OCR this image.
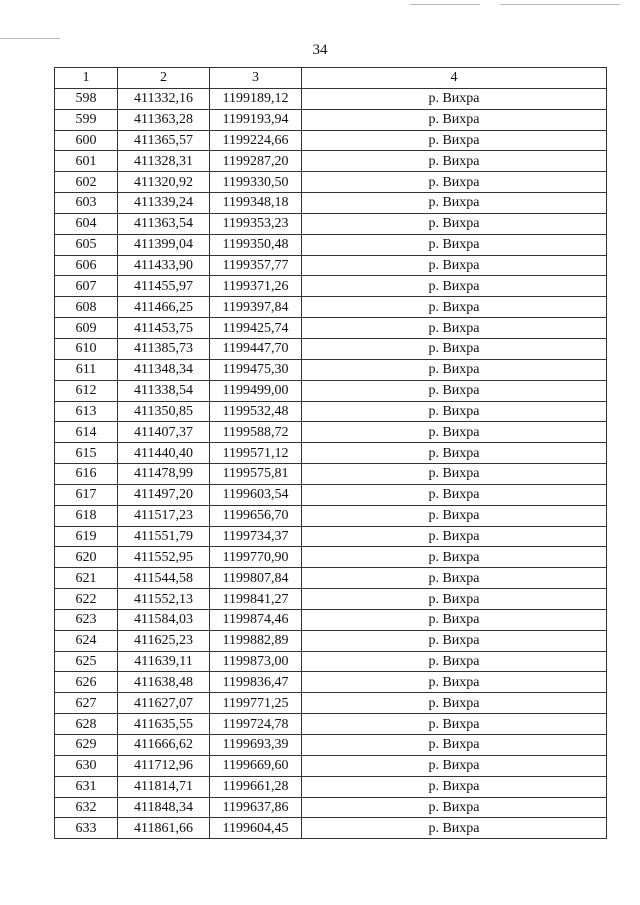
34
1	2	3	4
598	411332,16	1199189,12	р. Вихра
599	411363,28	1199193,94	р. Вихра
600	411365,57	1199224,66	р. Вихра
601	411328,31	1199287,20	р. Вихра
602	411320,92	1199330,50	р. Вихра
603	411339,24	1199348,18	р. Вихра
604	411363,54	1199353,23	р. Вихра
605	411399,04	1199350,48	р. Вихра
606	411433,90	1199357,77	р. Вихра
607	411455,97	1199371,26	р. Вихра
608	411466,25	1199397,84	р. Вихра
609	411453,75	1199425,74	р. Вихра
610	411385,73	1199447,70	р. Вихра
611	411348,34	1199475,30	р. Вихра
612	411338,54	1199499,00	р. Вихра
613	411350,85	1199532,48	р. Вихра
614	411407,37	1199588,72	р. Вихра
615	411440,40	1199571,12	р. Вихра
616	411478,99	1199575,81	р. Вихра
617	411497,20	1199603,54	р. Вихра
618	411517,23	1199656,70	р. Вихра
619	411551,79	1199734,37	р. Вихра
620	411552,95	1199770,90	р. Вихра
621	411544,58	1199807,84	р. Вихра
622	411552,13	1199841,27	р. Вихра
623	411584,03	1199874,46	р. Вихра
624	411625,23	1199882,89	р. Вихра
625	411639,11	1199873,00	р. Вихра
626	411638,48	1199836,47	р. Вихра
627	411627,07	1199771,25	р. Вихра
628	411635,55	1199724,78	р. Вихра
629	411666,62	1199693,39	р. Вихра
630	411712,96	1199669,60	р. Вихра
631	411814,71	1199661,28	р. Вихра
632	411848,34	1199637,86	р. Вихра
633	411861,66	1199604,45	р. Вихра
